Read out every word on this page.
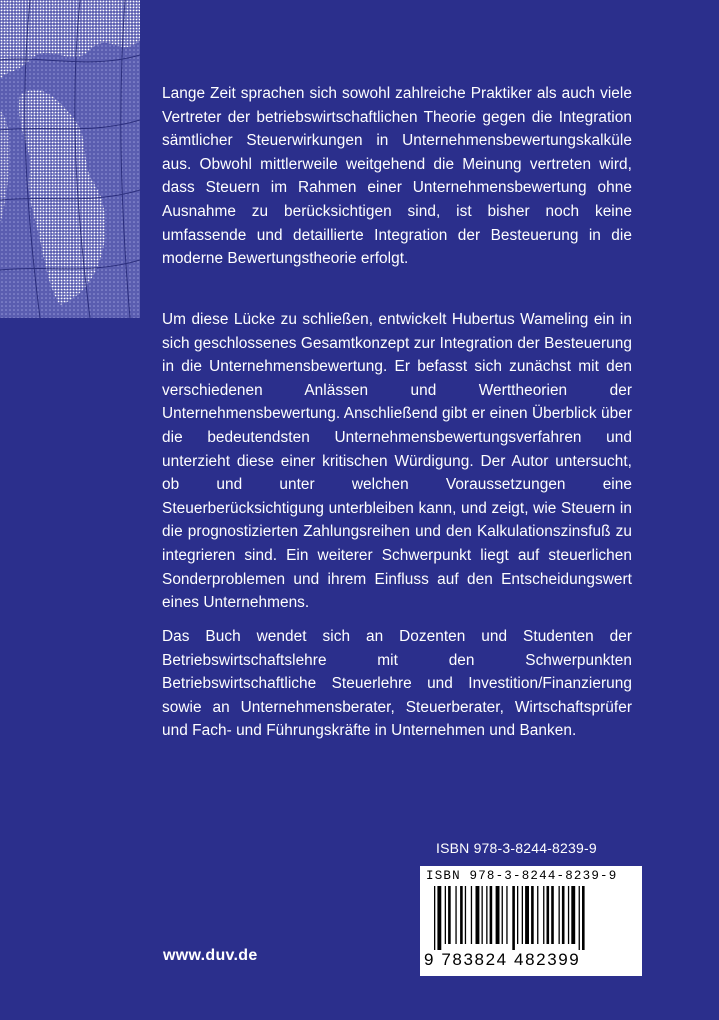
Lange Zeit sprachen sich sowohl zahlreiche Praktiker als auch viele Vertreter der betriebswirtschaftlichen Theorie gegen die Integration sämtlicher Steuerwirkungen in Unternehmensbewertungskalküle aus. Obwohl mittlerweile weitgehend die Meinung vertreten wird, dass Steuern im Rahmen einer Unternehmensbewertung ohne Ausnahme zu berücksichtigen sind, ist bisher noch keine umfassende und detaillierte Integration der Besteuerung in die moderne Bewertungstheorie erfolgt.
Um diese Lücke zu schließen, entwickelt Hubertus Wameling ein in sich geschlossenes Gesamtkonzept zur Integration der Besteuerung in die Unternehmensbewertung. Er befasst sich zunächst mit den verschiedenen Anlässen und Werttheorien der Unternehmensbewertung. Anschließend gibt er einen Überblick über die bedeutendsten Unternehmensbewertungsverfahren und unterzieht diese einer kritischen Würdigung. Der Autor untersucht, ob und unter welchen Voraussetzungen eine Steuerberücksichtigung unterbleiben kann, und zeigt, wie Steuern in die prognostizierten Zahlungsreihen und den Kalkulationszinsfuß zu integrieren sind. Ein weiterer Schwerpunkt liegt auf steuerlichen Sonderproblemen und ihrem Einfluss auf den Entscheidungswert eines Unternehmens.
Das Buch wendet sich an Dozenten und Studenten der Betriebswirtschaftslehre mit den Schwerpunkten Betriebswirtschaftliche Steuerlehre und Investition/Finanzierung sowie an Unternehmensberater, Steuerberater, Wirtschaftsprüfer und Fach- und Führungskräfte in Unternehmen und Banken.
ISBN 978-3-8244-8239-9
ISBN 978-3-8244-8239-9
9 783824 482399
www.duv.de
